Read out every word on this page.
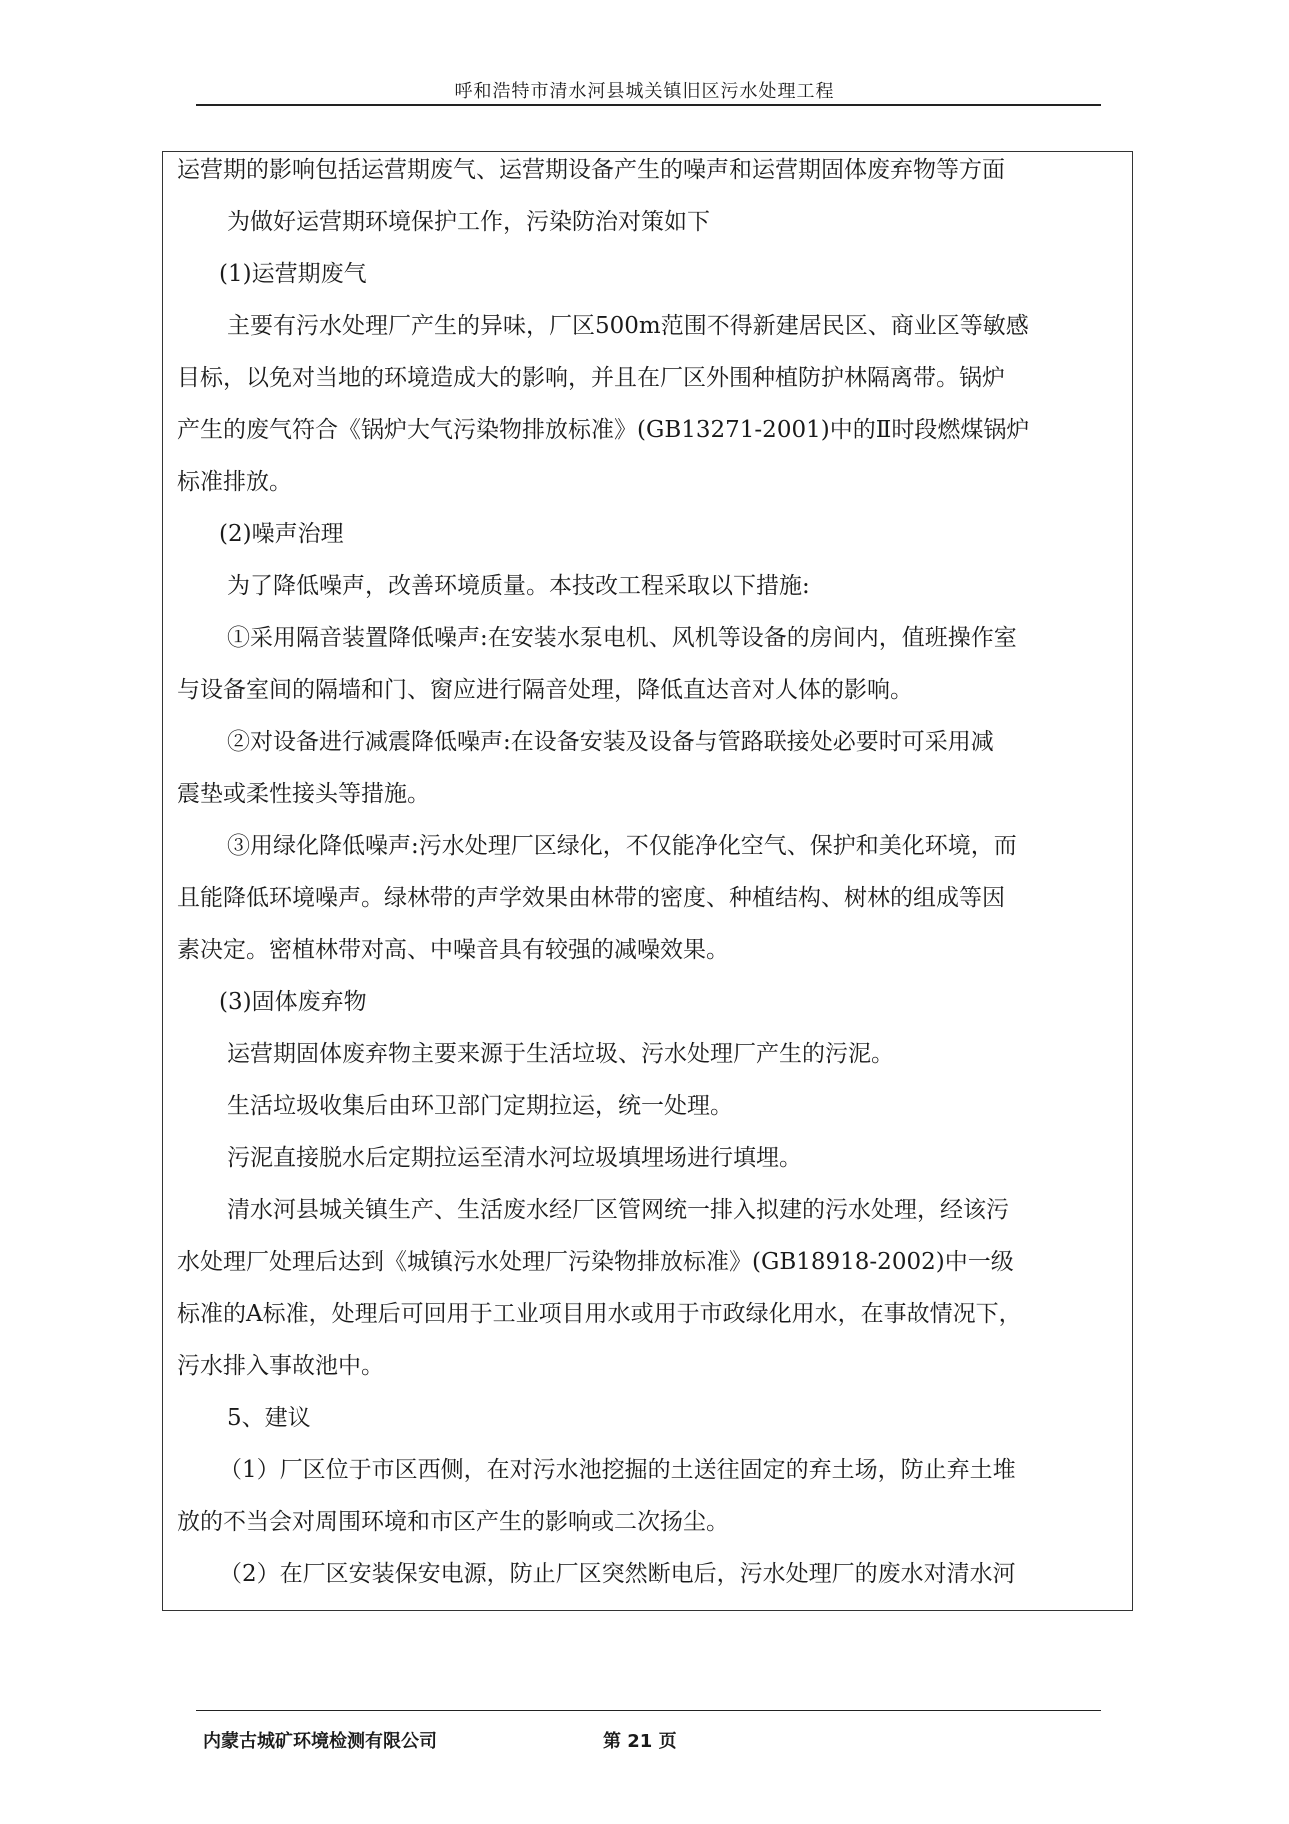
呼和浩特市清水河县城关镇旧区污水处理工程
运营期的影响包括运营期废气、运营期设备产生的噪声和运营期固体废弃物等方面
为做好运营期环境保护工作，污染防治对策如下
(1)运营期废气
主要有污水处理厂产生的异味，厂区500m范围不得新建居民区、商业区等敏感
目标，以免对当地的环境造成大的影响，并且在厂区外围种植防护林隔离带。锅炉
产生的废气符合《锅炉大气污染物排放标准》(GB13271-2001)中的Ⅱ时段燃煤锅炉
标准排放。
(2)噪声治理
为了降低噪声，改善环境质量。本技改工程采取以下措施:
①采用隔音装置降低噪声:在安装水泵电机、风机等设备的房间内，值班操作室
与设备室间的隔墙和门、窗应进行隔音处理，降低直达音对人体的影响。
②对设备进行减震降低噪声:在设备安装及设备与管路联接处必要时可采用减
震垫或柔性接头等措施。
③用绿化降低噪声:污水处理厂区绿化，不仅能净化空气、保护和美化环境，而
且能降低环境噪声。绿林带的声学效果由林带的密度、种植结构、树林的组成等因
素决定。密植林带对高、中噪音具有较强的减噪效果。
(3)固体废弃物
运营期固体废弃物主要来源于生活垃圾、污水处理厂产生的污泥。
生活垃圾收集后由环卫部门定期拉运，统一处理。
污泥直接脱水后定期拉运至清水河垃圾填埋场进行填埋。
清水河县城关镇生产、生活废水经厂区管网统一排入拟建的污水处理，经该污
水处理厂处理后达到《城镇污水处理厂污染物排放标准》(GB18918-2002)中一级
标准的A标准，处理后可回用于工业项目用水或用于市政绿化用水，在事故情况下，
污水排入事故池中。
5、建议
（1）厂区位于市区西侧，在对污水池挖掘的土送往固定的弃土场，防止弃土堆
放的不当会对周围环境和市区产生的影响或二次扬尘。
（2）在厂区安装保安电源，防止厂区突然断电后，污水处理厂的废水对清水河
内蒙古城矿环境检测有限公司	第 21 页
